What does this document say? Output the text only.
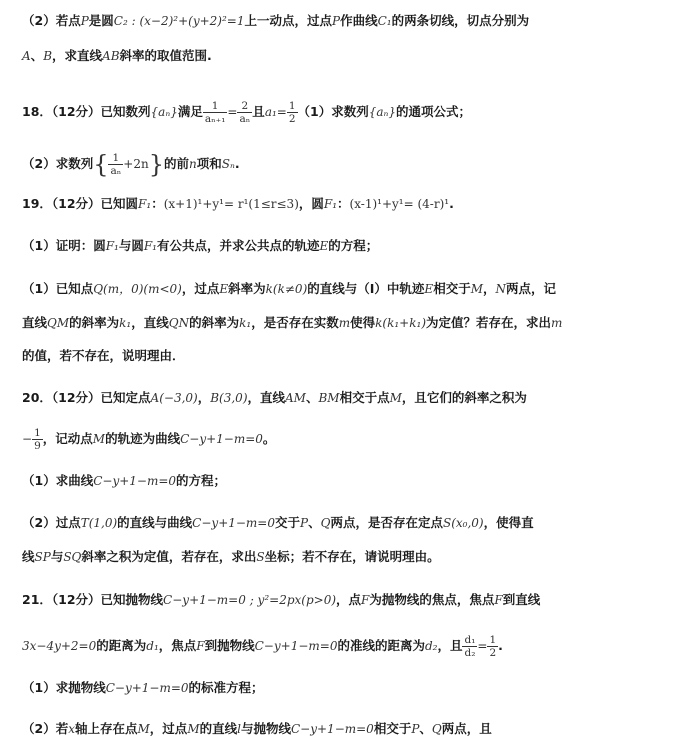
（2）若点P是圆C₂ : (x−2)²+(y+2)²=1上一动点，过点P作曲线C₁的两条切线，切点分别为
A、B，求直线AB斜率的取值范围.
18．（12分）已知数列{aₙ}满足 $\frac{1}{\text{aₙ₊₁}} = \frac{2}{\text{aₙ}}$ 且$a_1= \frac{1}{2} (1)$求数列{aₙ}的通项公式；
（2）求数列{ $\frac{1}{\text{aₙ}} +2n$}的前n项和Sₙ.
19．（12分）已知圆F₁：(x+1)¹+y¹= r¹(1≤r≤3)，圆F₁：(x-1)¹+y¹= (4-r)¹.
（1）证明：圆F₁与圆F₁有公共点，并求公共点的轨迹E的方程；
（1）已知点Q(m，0)(m<0)，过点E斜率为k(k≠0)的直线与（Ⅰ）中轨迹E相交于M，N两点，记
直线QM的斜率为k₁，直线QN的斜率为k₁，是否存在实数m使得k(k₁+k₁)为定值？若存在，求出m
的值，若不存在，说明理由．
20．（12分）已知定点A(−3,0)，B(3,0)，直线AM、BM相交于点M，且它们的斜率之积为
− $\frac{1}{9}$ ，记动点M的轨迹为曲线C−y+1−m=0。
（1）求曲线C−y+1−m=0的方程；
（2）过点T(1,0)的直线与曲线C−y+1−m=0交于P、Q两点，是否存在定点S(x₀,0)，使得直
线SP与SQ斜率之积为定值，若存在，求出S坐标；若不存在，请说明理由。
21．（12分）已知抛物线C−y+1−m=0 ; y²=2px(p>0)，点F为抛物线的焦点，焦点F到直线
3x−4y+2=0的距离为d₁，焦点F到抛物线C−y+1−m=0的准线的距离为d₂，且 $\frac{\text{d₁}}{\text{d₂}} = \frac{1}{2}$ .
（1）求抛物线C−y+1−m=0的标准方程；
（2）若x轴上存在点M，过点M的直线l与抛物线C−y+1−m=0相交于P、Q两点，且
